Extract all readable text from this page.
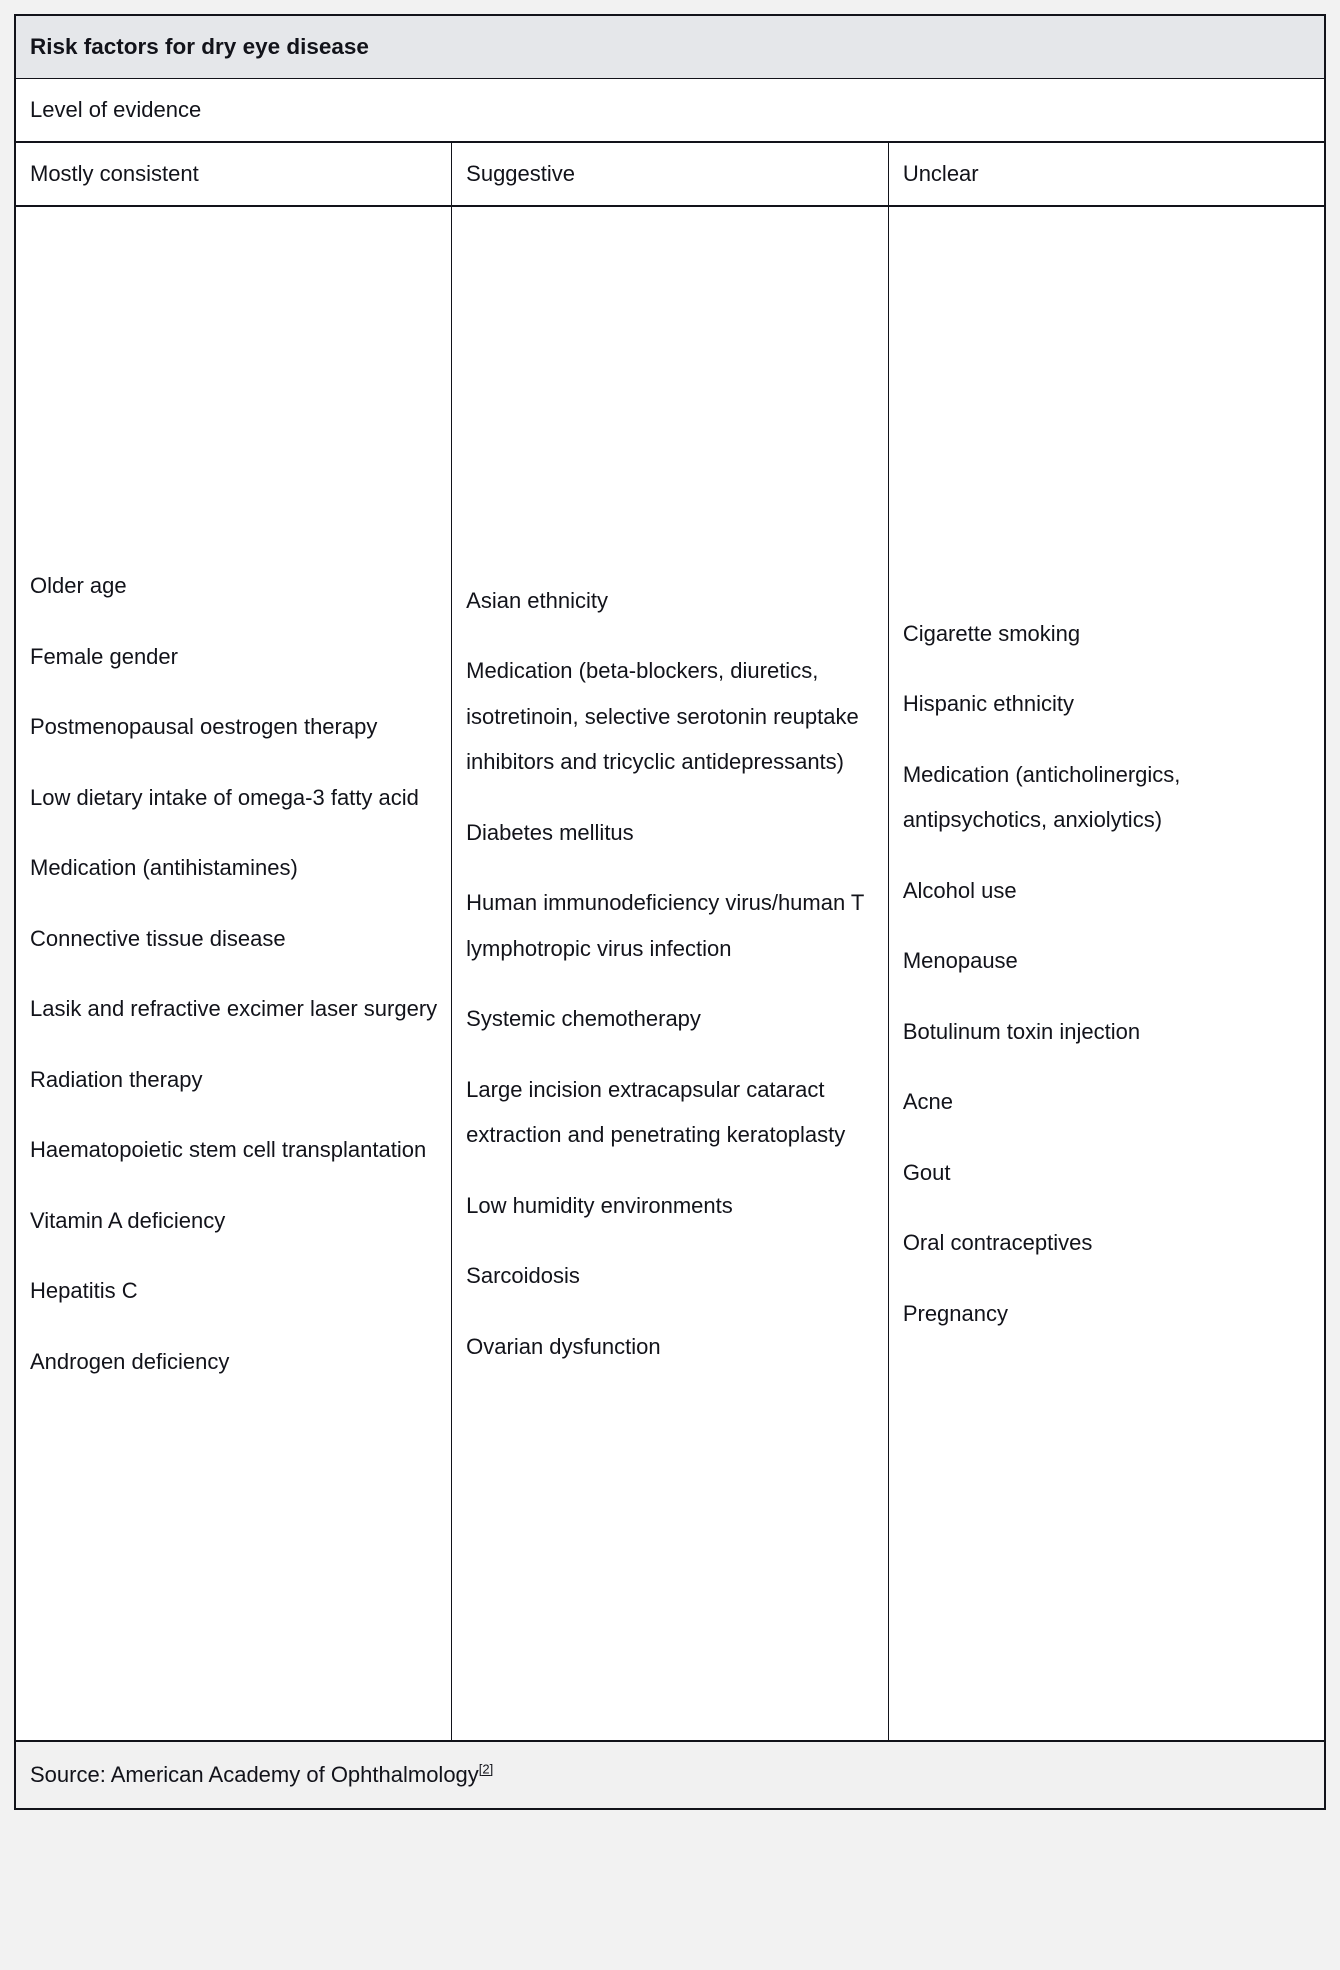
Risk factors for dry eye disease		
Level of evidence		
Mostly consistent	Suggestive	Unclear

Older age
Female gender
Postmenopausal oestrogen therapy
Low dietary intake of omega-3 fatty acid
Medication (antihistamines)
Connective tissue disease
Lasik and refractive excimer laser surgery
Radiation therapy
Haematopoietic stem cell transplantation
Vitamin A deficiency
Hepatitis C
Androgen deficiency

Asian ethnicity
Medication (beta-blockers, diuretics, isotretinoin, selective serotonin reuptake inhibitors and tricyclic antidepressants)
Diabetes mellitus
Human immunodeficiency virus/human T lymphotropic virus infection
Systemic chemotherapy
Large incision extracapsular cataract extraction and penetrating keratoplasty
Low humidity environments
Sarcoidosis
Ovarian dysfunction

Cigarette smoking
Hispanic ethnicity
Medication (anticholinergics, antipsychotics, anxiolytics)
Alcohol use
Menopause
Botulinum toxin injection
Acne
Gout
Oral contraceptives
Pregnancy

Source: American Academy of Ophthalmology[2]
